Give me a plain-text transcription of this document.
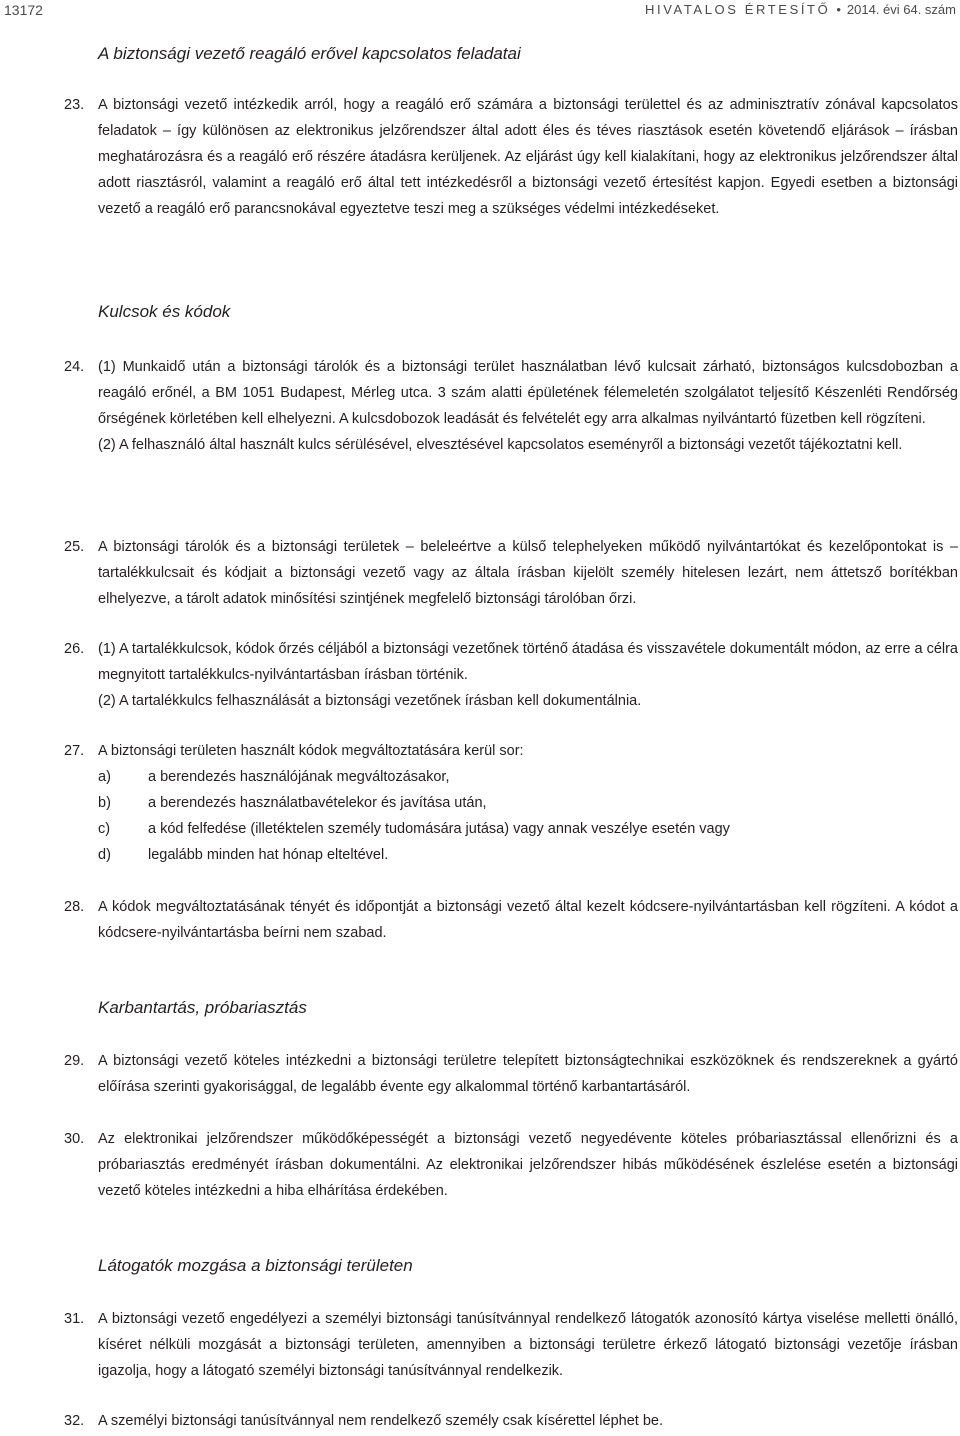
13172	HIVATALOS ÉRTESÍTŐ • 2014. évi 64. szám
A biztonsági vezető reagáló erővel kapcsolatos feladatai
23. A biztonsági vezető intézkedik arról, hogy a reagáló erő számára a biztonsági területtel és az adminisztratív zónával kapcsolatos feladatok – így különösen az elektronikus jelzőrendszer által adott éles és téves riasztások esetén követendő eljárások – írásban meghatározásra és a reagáló erő részére átadásra kerüljenek. Az eljárást úgy kell kialakítani, hogy az elektronikus jelzőrendszer által adott riasztásról, valamint a reagáló erő által tett intézkedésről a biztonsági vezető értesítést kapjon. Egyedi esetben a biztonsági vezető a reagáló erő parancsnokával egyeztetve teszi meg a szükséges védelmi intézkedéseket.

Kulcsok és kódok
24. (1) Munkaidő után a biztonsági tárolók és a biztonsági terület használatban lévő kulcsait zárható, biztonságos kulcsdobozban a reagáló erőnél, a BM 1051 Budapest, Mérleg utca. 3 szám alatti épületének félemeletén szolgálatot teljesítő Készenléti Rendőrség őrségének körletében kell elhelyezni. A kulcsdobozok leadását és felvételét egy arra alkalmas nyilvántartó füzetben kell rögzíteni.

(2) A felhasználó által használt kulcs sérülésével, elvesztésével kapcsolatos eseményről a biztonsági vezetőt tájékoztatni kell.

25. A biztonsági tárolók és a biztonsági területek – beleleértve a külső telephelyeken működő nyilvántartókat és kezelőpontokat is – tartalékkulcsait és kódjait a biztonsági vezető vagy az általa írásban kijelölt személy hitelesen lezárt, nem áttetsző borítékban elhelyezve, a tárolt adatok minősítési szintjének megfelelő biztonsági tárolóban őrzi.

26. (1) A tartalékkulcsok, kódok őrzés céljából a biztonsági vezetőnek történő átadása és visszavétele dokumentált módon, az erre a célra megnyitott tartalékkulcs-nyilvántartásban írásban történik.

(2) A tartalékkulcs felhasználását a biztonsági vezetőnek írásban kell dokumentálnia.

27. A biztonsági területen használt kódok megváltoztatására kerül sor:

a)	a berendezés használójának megváltozásakor,
b)	a berendezés használatbavételekor és javítása után,
c)	a kód felfedése (illetéktelen személy tudomására jutása) vagy annak veszélye esetén vagy
d)	legalább minden hat hónap elteltével.
28. A kódok megváltoztatásának tényét és időpontját a biztonsági vezető által kezelt kódcsere-nyilvántartásban kell rögzíteni. A kódot a kódcsere-nyilvántartásba beírni nem szabad.

Karbantartás, próbariasztás
29. A biztonsági vezető köteles intézkedni a biztonsági területre telepített biztonságtechnikai eszközöknek és rendszereknek a gyártó előírása szerinti gyakorisággal, de legalább évente egy alkalommal történő karbantartásáról.

30. Az elektronikai jelzőrendszer működőképességét a biztonsági vezető negyedévente köteles próbariasztással ellenőrizni és a próbariasztás eredményét írásban dokumentálni. Az elektronikai jelzőrendszer hibás működésének észlelése esetén a biztonsági vezető köteles intézkedni a hiba elhárítása érdekében.

Látogatók mozgása a biztonsági területen
31. A biztonsági vezető engedélyezi a személyi biztonsági tanúsítvánnyal rendelkező látogatók azonosító kártya viselése melletti önálló, kíséret nélküli mozgását a biztonsági területen, amennyiben a biztonsági területre érkező látogató biztonsági vezetője írásban igazolja, hogy a látogató személyi biztonsági tanúsítvánnyal rendelkezik.

32. A személyi biztonsági tanúsítvánnyal nem rendelkező személy csak kísérettel léphet be.
